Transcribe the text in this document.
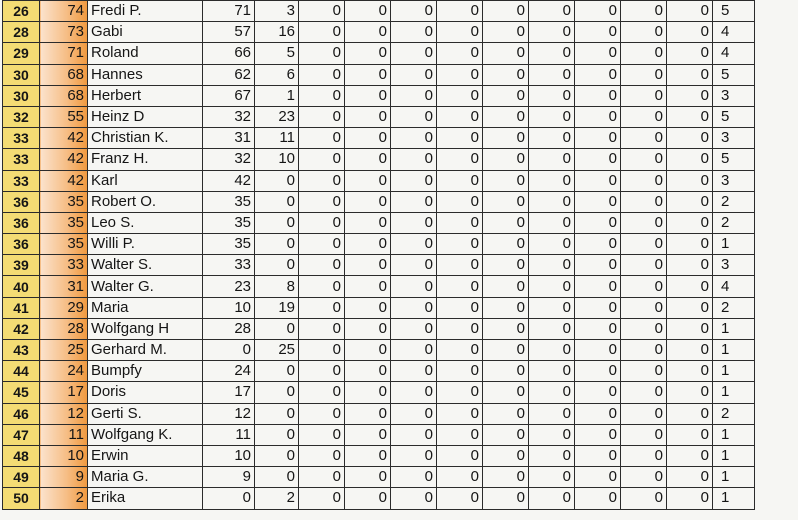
26	74	Fredi P.	71	3	0	0	0	0	0	0	0	0	0	5
28	73	Gabi	57	16	0	0	0	0	0	0	0	0	0	4
29	71	Roland	66	5	0	0	0	0	0	0	0	0	0	4
30	68	Hannes	62	6	0	0	0	0	0	0	0	0	0	5
30	68	Herbert	67	1	0	0	0	0	0	0	0	0	0	3
32	55	Heinz D	32	23	0	0	0	0	0	0	0	0	0	5
33	42	Christian K.	31	11	0	0	0	0	0	0	0	0	0	3
33	42	Franz H.	32	10	0	0	0	0	0	0	0	0	0	5
33	42	Karl	42	0	0	0	0	0	0	0	0	0	0	3
36	35	Robert O.	35	0	0	0	0	0	0	0	0	0	0	2
36	35	Leo S.	35	0	0	0	0	0	0	0	0	0	0	2
36	35	Willi P.	35	0	0	0	0	0	0	0	0	0	0	1
39	33	Walter S.	33	0	0	0	0	0	0	0	0	0	0	3
40	31	Walter G.	23	8	0	0	0	0	0	0	0	0	0	4
41	29	Maria	10	19	0	0	0	0	0	0	0	0	0	2
42	28	Wolfgang H	28	0	0	0	0	0	0	0	0	0	0	1
43	25	Gerhard M.	0	25	0	0	0	0	0	0	0	0	0	1
44	24	Bumpfy	24	0	0	0	0	0	0	0	0	0	0	1
45	17	Doris	17	0	0	0	0	0	0	0	0	0	0	1
46	12	Gerti S.	12	0	0	0	0	0	0	0	0	0	0	2
47	11	Wolfgang K.	11	0	0	0	0	0	0	0	0	0	0	1
48	10	Erwin	10	0	0	0	0	0	0	0	0	0	0	1
49	9	Maria G.	9	0	0	0	0	0	0	0	0	0	0	1
50	2	Erika	0	2	0	0	0	0	0	0	0	0	0	1
